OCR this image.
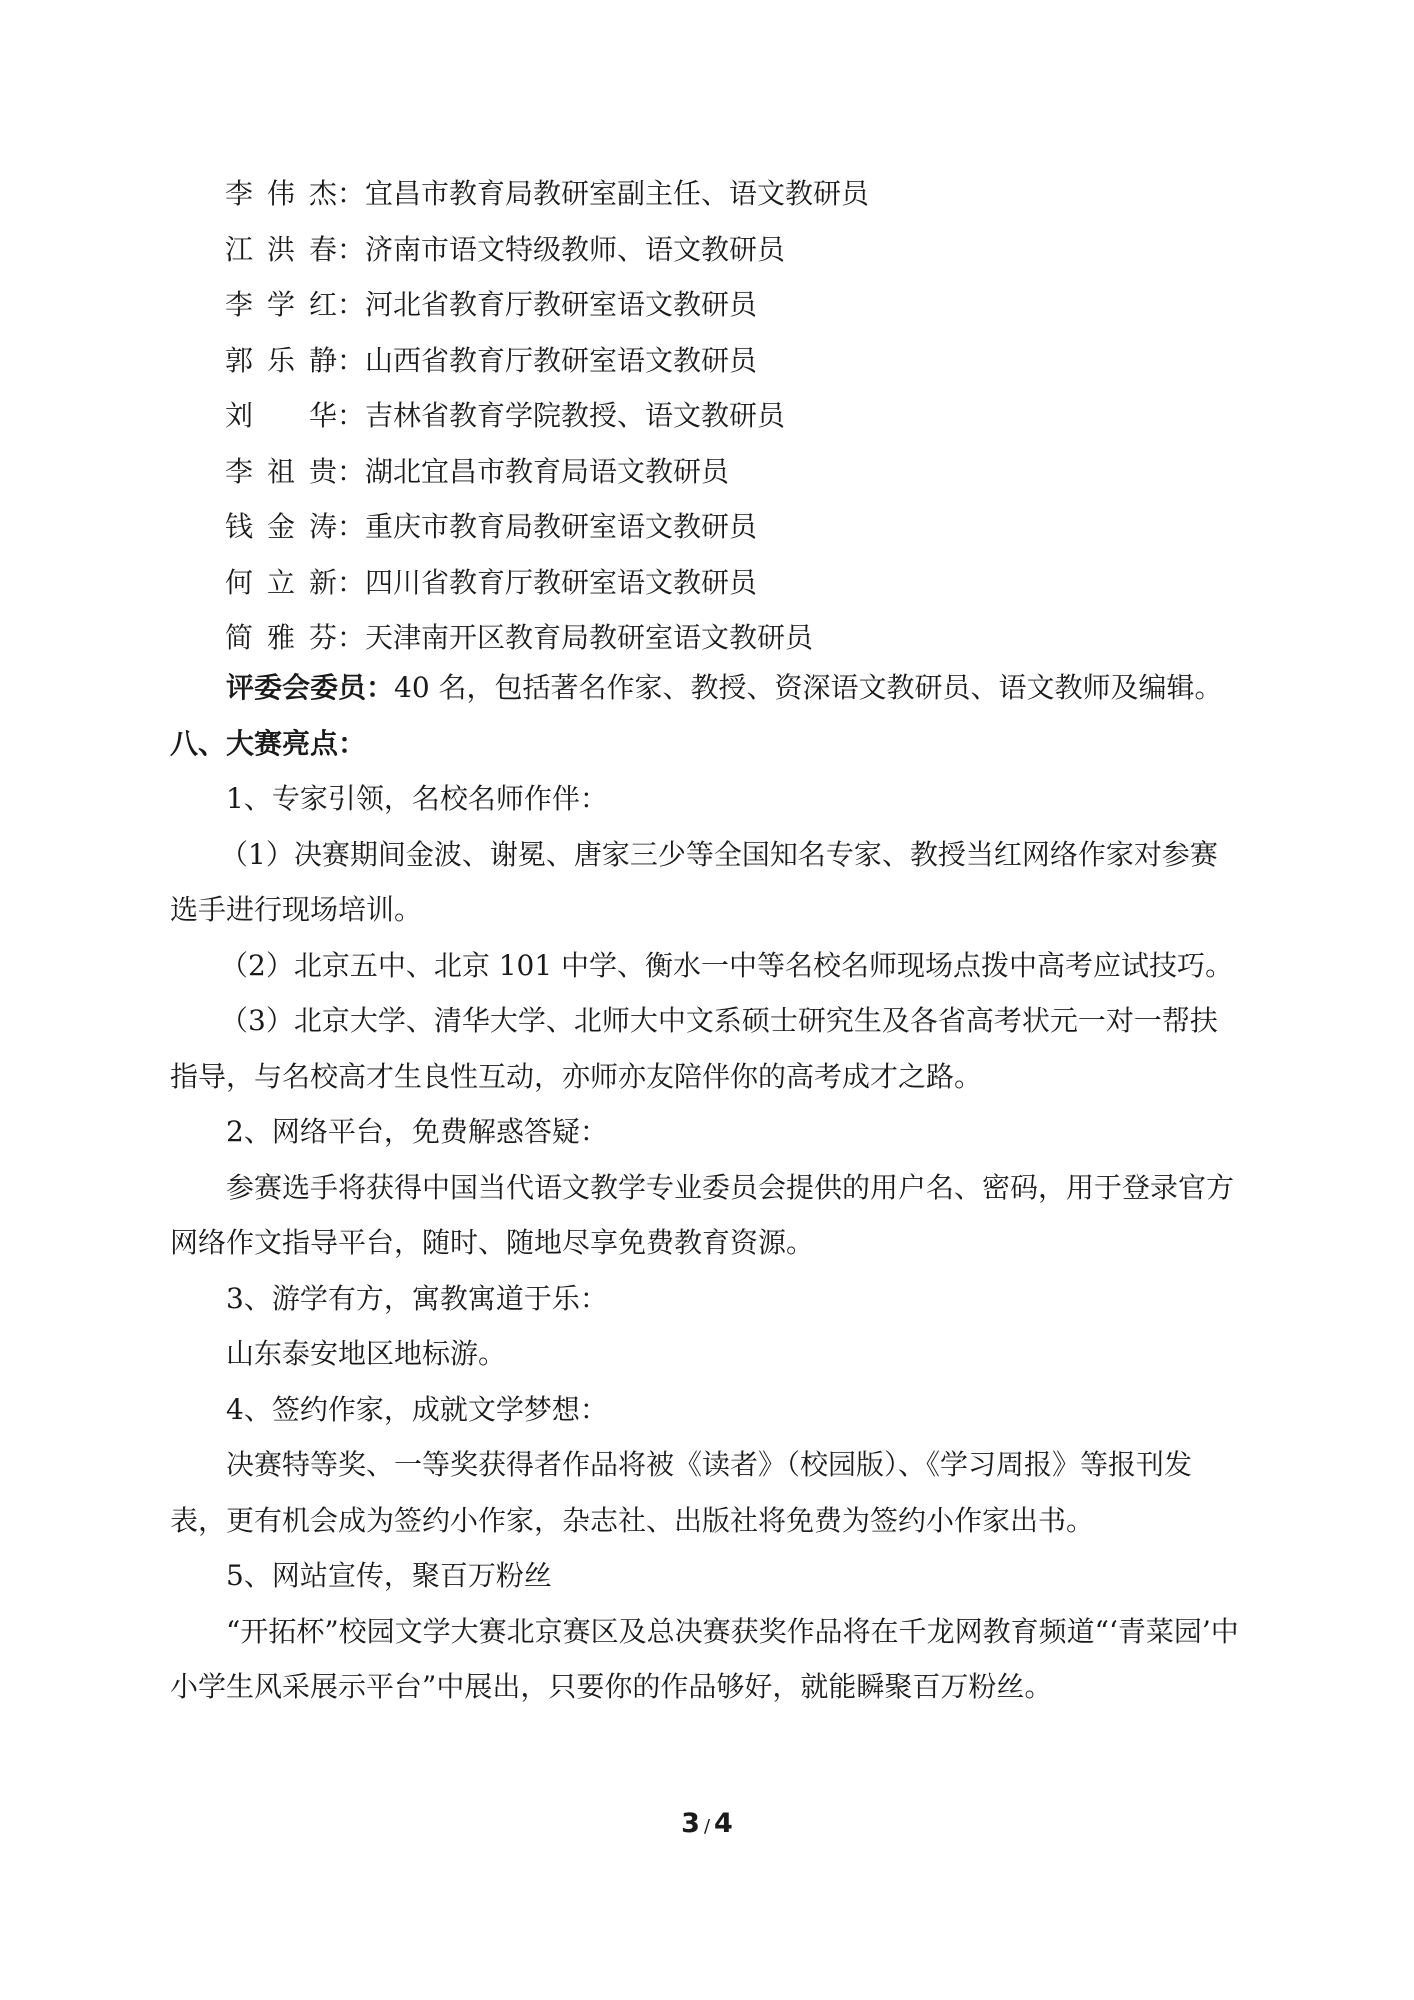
李伟杰：宜昌市教育局教研室副主任、语文教研员
江洪春：济南市语文特级教师、语文教研员
李学红：河北省教育厅教研室语文教研员
郭乐静：山西省教育厅教研室语文教研员
刘华：吉林省教育学院教授、语文教研员
李祖贵：湖北宜昌市教育局语文教研员
钱金涛：重庆市教育局教研室语文教研员
何立新：四川省教育厅教研室语文教研员
简雅芬：天津南开区教育局教研室语文教研员

评委会委员：40 名，包括著名作家、教授、资深语文教研员、语文教师及编辑。

八、大赛亮点：

1、专家引领，名校名师作伴：

（1）决赛期间金波、谢冕、唐家三少等全国知名专家、教授当红网络作家对参赛选手进行现场培训。

（2）北京五中、北京 101 中学、衡水一中等名校名师现场点拨中高考应试技巧。

（3）北京大学、清华大学、北师大中文系硕士研究生及各省高考状元一对一帮扶指导，与名校高才生良性互动，亦师亦友陪伴你的高考成才之路。

2、网络平台，免费解惑答疑：

参赛选手将获得中国当代语文教学专业委员会提供的用户名、密码，用于登录官方网络作文指导平台，随时、随地尽享免费教育资源。

3、游学有方，寓教寓道于乐：

山东泰安地区地标游。

4、签约作家，成就文学梦想：

决赛特等奖、一等奖获得者作品将被《读者》（校园版）、《学习周报》等报刊发表，更有机会成为签约小作家，杂志社、出版社将免费为签约小作家出书。

5、网站宣传，聚百万粉丝

“开拓杯”校园文学大赛北京赛区及总决赛获奖作品将在千龙网教育频道“‘青菜园’中小学生风采展示平台”中展出，只要你的作品够好，就能瞬聚百万粉丝。

3 / 4
